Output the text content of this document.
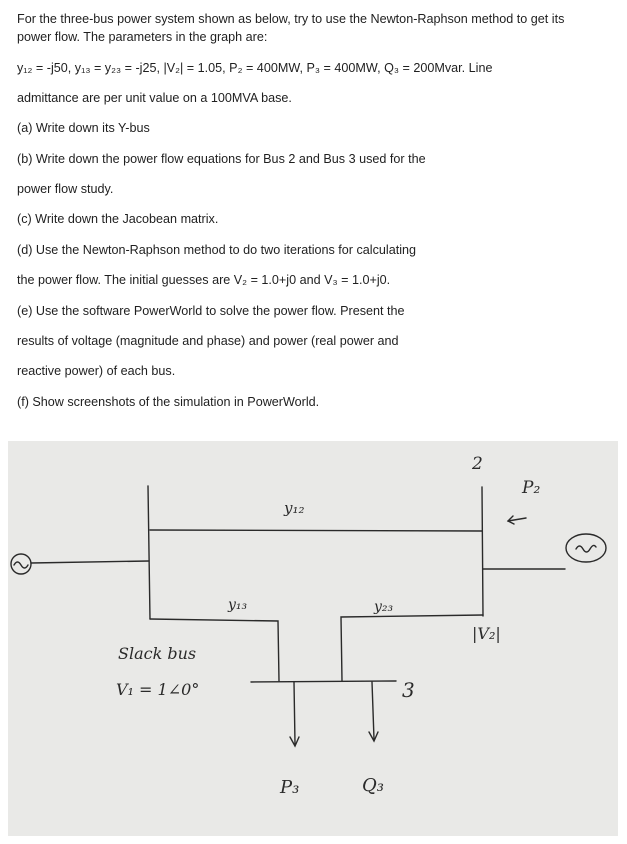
For the three-bus power system shown as below, try to use the Newton-Raphson method to get its
power flow. The parameters in the graph are:
y₁₂ = -j50, y₁₃ = y₂₃ = -j25, |V₂| = 1.05, P₂ = 400MW, P₃ = 400MW, Q₃ = 200Mvar. Line
admittance are per unit value on a 100MVA base.
(a) Write down its Y-bus
(b) Write down the power flow equations for Bus 2 and Bus 3 used for the
power flow study.
(c) Write down the Jacobean matrix.
(d) Use the Newton-Raphson method to do two iterations for calculating
the power flow. The initial guesses are V₂ = 1.0+j0 and V₃ = 1.0+j0.
(e) Use the software PowerWorld to solve the power flow. Present the
results of voltage (magnitude and phase) and power (real power and
reactive power) of each bus.
(f) Show screenshots of the simulation in PowerWorld.
y₁₂
y₁₃	y₂₃
Slack bus
V₁ = 1∠0°
2
P₂
|V₂|
3
P₃	Q₃
